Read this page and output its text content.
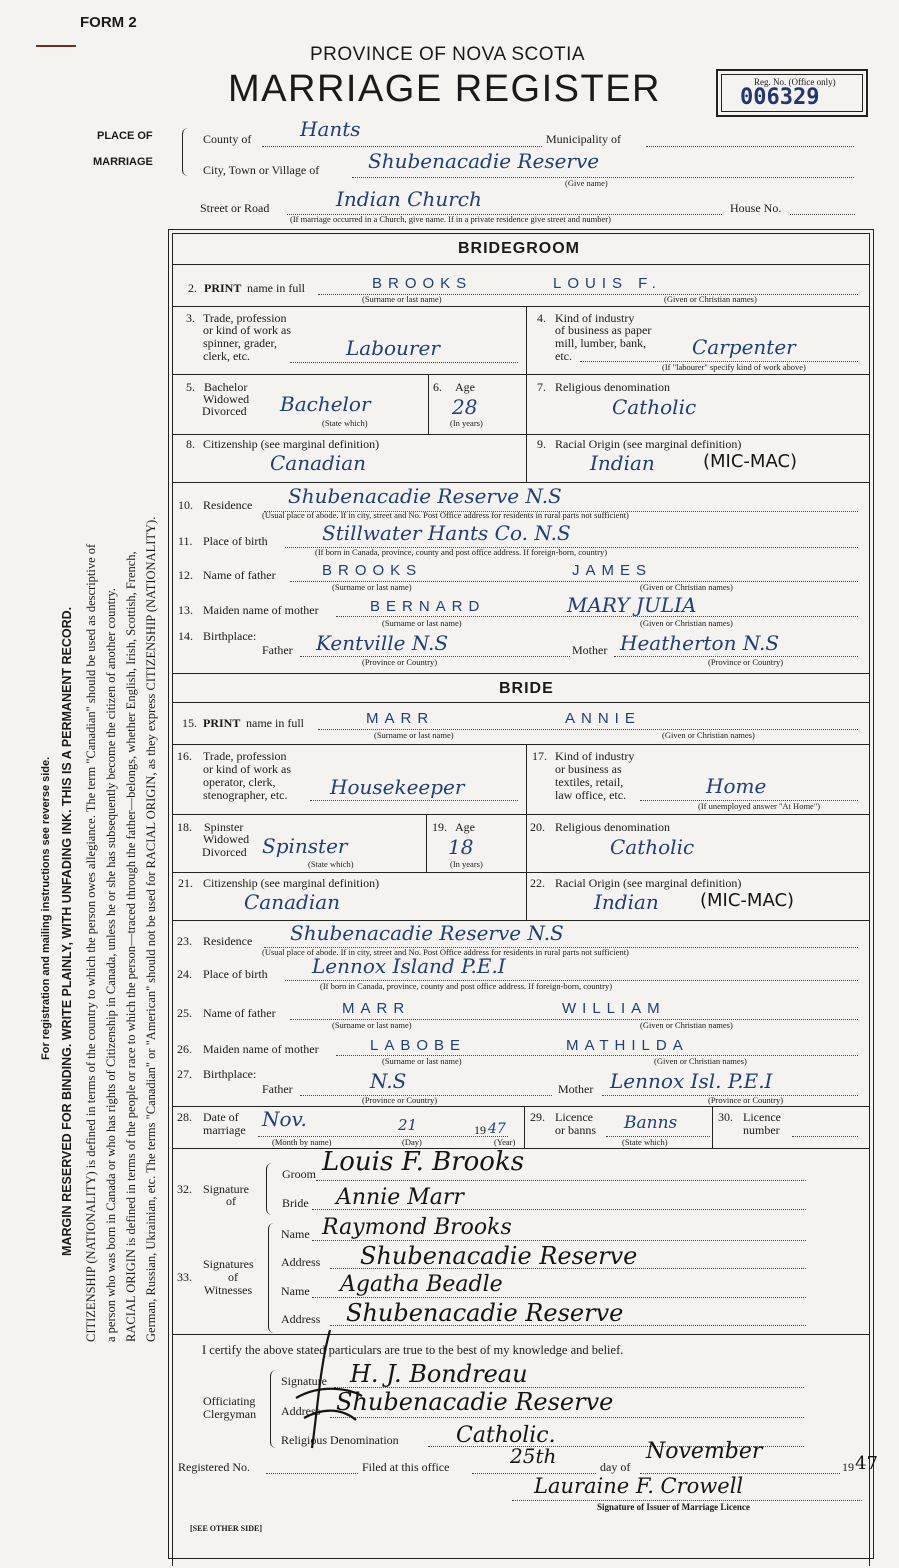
FORM 2
PROVINCE OF NOVA SCOTIA
MARRIAGE REGISTER	Reg. No. (Office only)
006329
PLACE OF
MARRIAGE
County of Hants	Municipality of
City, Town or Village of Shubenacadie Reserve
(Give name)
Street or Road	Indian Church	House No.
(If marriage occurred in a Church, give name. If in a private residence give street and number)
For registration and mailing instructions see reverse side. MARGIN RESERVED FOR BINDING. WRITE PLAINLY, WITH UNFADING INK. THIS IS A PERMANENT RECORD. CITIZENSHIP (NATIONALITY) is defined in terms of the country to which the person owes allegiance. The term "Canadian" should be used as descriptive of a person who was born in Canada or who has rights of Citizenship in Canada, unless he or she has subsequently become the citizen of another country. RACIAL ORIGIN is defined in terms of the people or race to which the person—traced through the father—belongs, whether English, Irish, Scottish, French, German, Russian, Ukrainian, etc. The terms "Canadian" or "American" should not be used for RACIAL ORIGIN, as they express CITIZENSHIP (NATIONALITY).
BRIDEGROOM
2. PRINT name in full	BROOKS	LOUIS F.
(Surname or last name)	(Given or Christian names)
3. Trade, profession
or kind of work as
spinner, grader,
clerk, etc.	Labourer
4. Kind of industry
of business as paper
mill, lumber, bank,
etc.	Carpenter
(If "labourer" specify kind of work above)
5. Bachelor
Widowed
Divorced Bachelor
(State which)
6. Age
28
(In years)
7. Religious denomination
Catholic
8. Citizenship (see marginal definition)
Canadian
9. Racial Origin (see marginal definition)
Indian	(MIC-MAC)
10. Residence Shubenacadie Reserve N.S
(Usual place of abode. If in city, street and No. Post Office address for residents in rural parts not sufficient)
11. Place of birth	Stillwater Hants Co. N.S
(If born in Canada, province, county and post office address. If foreign-born, country)
12. Name of father	BROOKS	JAMES
(Surname or last name)	(Given or Christian names)
13. Maiden name of mother	BERNARD	MARY JULIA
(Surname or last name)	(Given or Christian names)
14. Birthplace:
Father Kentville N.S	Mother Heatherton N.S
(Province or Country)	(Province or Country)
BRIDE
15. PRINT name in full	MARR	ANNIE
(Surname or last name)	(Given or Christian names)
16. Trade, profession
or kind of work as
operator, clerk,
stenographer, etc. Housekeeper
17. Kind of industry
or business as
textiles, retail,
law office, etc.	Home
(If unemployed answer "At Home")
18. Spinster
Widowed
Divorced Spinster
(State which)
19. Age
18
(In years)
20. Religious denomination
Catholic
21. Citizenship (see marginal definition)
Canadian
22. Racial Origin (see marginal definition)
Indian (MIC-MAC)
23. Residence Shubenacadie Reserve N.S
(Usual place of abode. If in city, street and No. Post Office address for residents in rural parts not sufficient)
24. Place of birth Lennox Island P.E.I
(If born in Canada, province, county and post office address. If foreign-born, country)
25. Name of father	MARR	WILLIAM
(Surname or last name)	(Given or Christian names)
26. Maiden name of mother	LABOBE	MATHILDA
(Surname or last name)	(Given or Christian names)
27. Birthplace:
Father	N.S	Mother Lennox Isl. P.E.I
(Province or Country)	(Province or Country)
28. Date of
marriage Nov.	21	19 47
(Month by name)	(Day)	(Year)
29. Licence
or banns Banns
(State which)
30. Licence
number
32. Signature
of
Groom Louis F. Brooks
Bride Annie Marr
33.
Signatures
of
Witnesses
Name Raymond Brooks
Address Shubenacadie Reserve
Name Agatha Beadle
Address Shubenacadie Reserve
I certify the above stated particulars are true to the best of my knowledge and belief.
Officiating
Clergyman
Signature H. J. Bondreau
Address Shubenacadie Reserve
Religious Denomination	Catholic.
Registered No.	Filed at this office	25th	day of
November
19 47
Lauraine F. Crowell
Signature of Issuer of Marriage Licence
[SEE OTHER SIDE]
